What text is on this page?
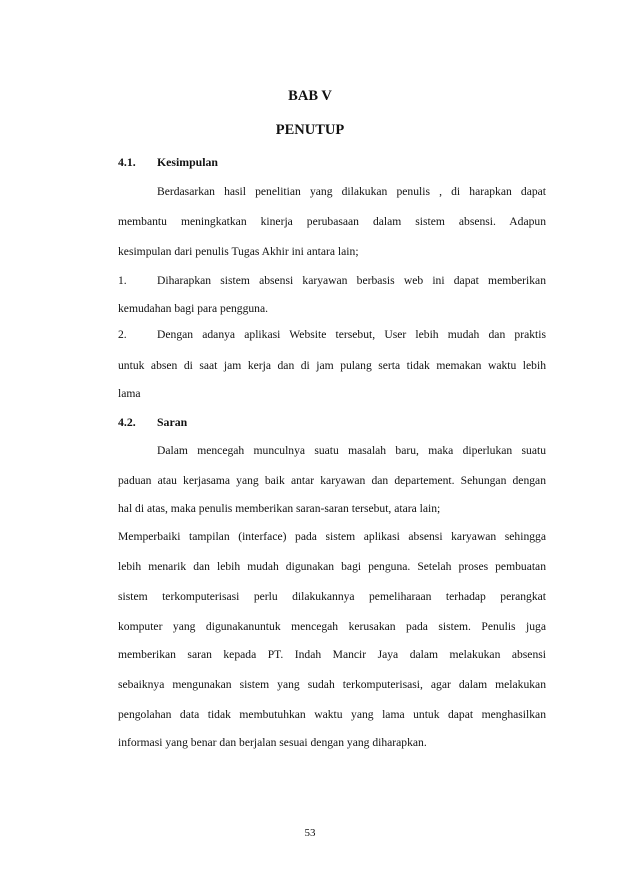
BAB V
PENUTUP
4.1. Kesimpulan
Berdasarkan hasil penelitian yang dilakukan penulis , di harapkan dapat
membantu meningkatkan kinerja perubasaan dalam sistem absensi. Adapun
kesimpulan dari penulis Tugas Akhir ini antara lain;
1.	Diharapkan sistem absensi karyawan berbasis web ini dapat memberikan
kemudahan bagi para pengguna.
2.	Dengan adanya aplikasi Website tersebut, User lebih mudah dan praktis
untuk absen di saat jam kerja dan di jam pulang serta tidak memakan waktu lebih
lama
4.2. Saran
Dalam mencegah munculnya suatu masalah baru, maka diperlukan suatu
paduan atau kerjasama yang baik antar karyawan dan departement. Sehungan dengan
hal di atas, maka penulis memberikan saran-saran tersebut, atara lain;
Memperbaiki tampilan (interface) pada sistem aplikasi absensi karyawan sehingga
lebih menarik dan lebih mudah digunakan bagi penguna. Setelah proses pembuatan
sistem terkomputerisasi perlu dilakukannya pemeliharaan terhadap perangkat
komputer yang digunakanuntuk mencegah kerusakan pada sistem. Penulis juga
memberikan saran kepada PT. Indah Mancir Jaya dalam melakukan absensi
sebaiknya mengunakan sistem yang sudah terkomputerisasi, agar dalam melakukan
pengolahan data tidak membutuhkan waktu yang lama untuk dapat menghasilkan
informasi yang benar dan berjalan sesuai dengan yang diharapkan.
53
